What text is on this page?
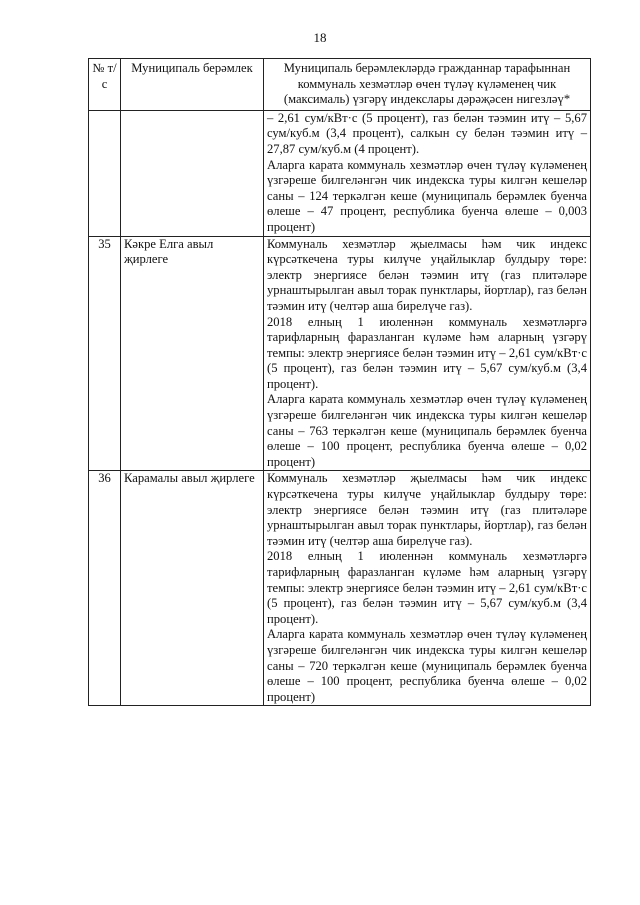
18
№ т/с	Муниципаль берәмлек	Муниципаль берәмлекләрдә гражданнар тарафыннан коммуналь хезмәтләр өчен түләү күләменең чик (максималь) үзгәрү индекслары дәрәҗәсен нигезләү*

		– 2,61 сум/кВт·с (5 процент), газ белән тәэмин итү – 5,67 сум/куб.м (3,4 процент), салкын су белән тәэмин итү – 27,87 сум/куб.м (4 процент).

Аларга карата коммуналь хезмәтләр өчен түләү күләменең үзгәреше билгеләнгән чик индекска туры килгән кешеләр саны – 124 теркәлгән кеше (муниципаль берәмлек буенча өлеше – 47 процент, республика буенча өлеше – 0,003 процент)

35	Кәкре Елга авыл җирлеге	Коммуналь хезмәтләр җыелмасы һәм чик индекс күрсәткечена туры килүче уңайлыклар булдыру төре: электр энергиясе белән тәэмин итү (газ плитәләре урнаштырылган авыл торак пунктлары, йортлар), газ белән тәэмин итү (челтәр аша бирелүче газ).

2018 елның 1 июленнән коммуналь хезмәтләргә тарифларның фаразланган күләме һәм аларның үзгәрү темпы: электр энергиясе белән тәэмин итү – 2,61 сум/кВт·с (5 процент), газ белән тәэмин итү – 5,67 сум/куб.м (3,4 процент).

Аларга карата коммуналь хезмәтләр өчен түләү күләменең үзгәреше билгеләнгән чик индекска туры килгән кешеләр саны – 763 теркәлгән кеше (муниципаль берәмлек буенча өлеше – 100 процент, республика буенча өлеше – 0,02 процент)

36	Карамалы авыл җирлеге	Коммуналь хезмәтләр җыелмасы һәм чик индекс күрсәткечена туры килүче уңайлыклар булдыру төре: электр энергиясе белән тәэмин итү (газ плитәләре урнаштырылган авыл торак пунктлары, йортлар), газ белән тәэмин итү (челтәр аша бирелүче газ).

2018 елның 1 июленнән коммуналь хезмәтләргә тарифларның фаразланган күләме һәм аларның үзгәрү темпы: электр энергиясе белән тәэмин итү – 2,61 сум/кВт·с (5 процент), газ белән тәэмин итү – 5,67 сум/куб.м (3,4 процент).

Аларга карата коммуналь хезмәтләр өчен түләү күләменең үзгәреше билгеләнгән чик индекска туры килгән кешеләр саны – 720 теркәлгән кеше (муниципаль берәмлек буенча өлеше – 100 процент, республика буенча өлеше – 0,02 процент)
